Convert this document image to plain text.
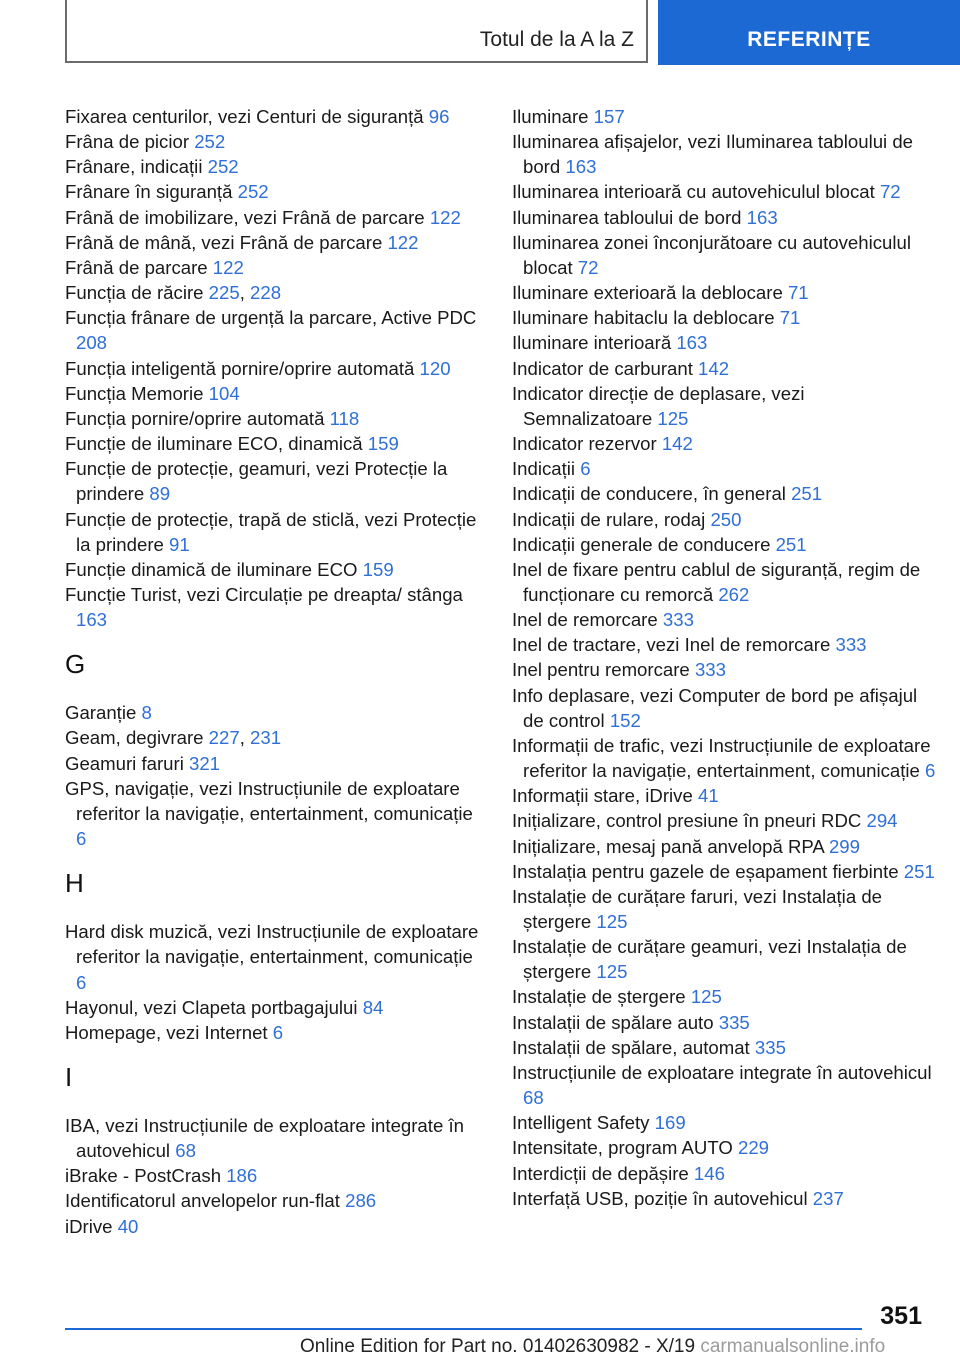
Totul de la A la Z	REFERINȚE
Fixarea centurilor, vezi Centuri de siguranță 96
Frâna de picior 252
Frânare, indicații 252
Frânare în siguranță 252
Frână de imobilizare, vezi Frână de parcare 122
Frână de mână, vezi Frână de parcare 122
Frână de parcare 122
Funcția de răcire 225, 228
Funcția frânare de urgență la parcare, Active PDC 208
Funcția inteligentă pornire/oprire automată 120
Funcția Memorie 104
Funcția pornire/oprire automată 118
Funcție de iluminare ECO, dinamică 159
Funcție de protecție, geamuri, vezi Protecție la prindere 89
Funcție de protecție, trapă de sticlă, vezi Protecție la prindere 91
Funcție dinamică de iluminare ECO 159
Funcție Turist, vezi Circulație pe dreapta/ stânga 163
G
Garanție 8
Geam, degivrare 227, 231
Geamuri faruri 321
GPS, navigație, vezi Instrucțiunile de exploatare referitor la navigație, entertainment, comunicație 6
H
Hard disk muzică, vezi Instrucțiunile de exploatare referitor la navigație, entertainment, comunicație 6
Hayonul, vezi Clapeta portbagajului 84
Homepage, vezi Internet 6
I
IBA, vezi Instrucțiunile de exploatare integrate în autovehicul 68
iBrake - PostCrash 186
Identificatorul anvelopelor run-flat 286
iDrive 40
Iluminare 157
Iluminarea afișajelor, vezi Iluminarea tabloului de bord 163
Iluminarea interioară cu autovehiculul blocat 72
Iluminarea tabloului de bord 163
Iluminarea zonei înconjurătoare cu autovehiculul blocat 72
Iluminare exterioară la deblocare 71
Iluminare habitaclu la deblocare 71
Iluminare interioară 163
Indicator de carburant 142
Indicator direcție de deplasare, vezi Semnalizatoare 125
Indicator rezervor 142
Indicații 6
Indicații de conducere, în general 251
Indicații de rulare, rodaj 250
Indicații generale de conducere 251
Inel de fixare pentru cablul de siguranță, regim de funcționare cu remorcă 262
Inel de remorcare 333
Inel de tractare, vezi Inel de remorcare 333
Inel pentru remorcare 333
Info deplasare, vezi Computer de bord pe afișajul de control 152
Informații de trafic, vezi Instrucțiunile de exploatare referitor la navigație, entertainment, comunicație 6
Informații stare, iDrive 41
Inițializare, control presiune în pneuri RDC 294
Inițializare, mesaj pană anvelopă RPA 299
Instalația pentru gazele de eșapament fierbinte 251
Instalație de curățare faruri, vezi Instalația de ștergere 125
Instalație de curățare geamuri, vezi Instalația de ștergere 125
Instalație de ștergere 125
Instalații de spălare auto 335
Instalații de spălare, automat 335
Instrucțiunile de exploatare integrate în autovehicul 68
Intelligent Safety 169
Intensitate, program AUTO 229
Interdicții de depășire 146
Interfață USB, poziție în autovehicul 237
351
Online Edition for Part no. 01402630982 - X/19 carmanualsonline.info
